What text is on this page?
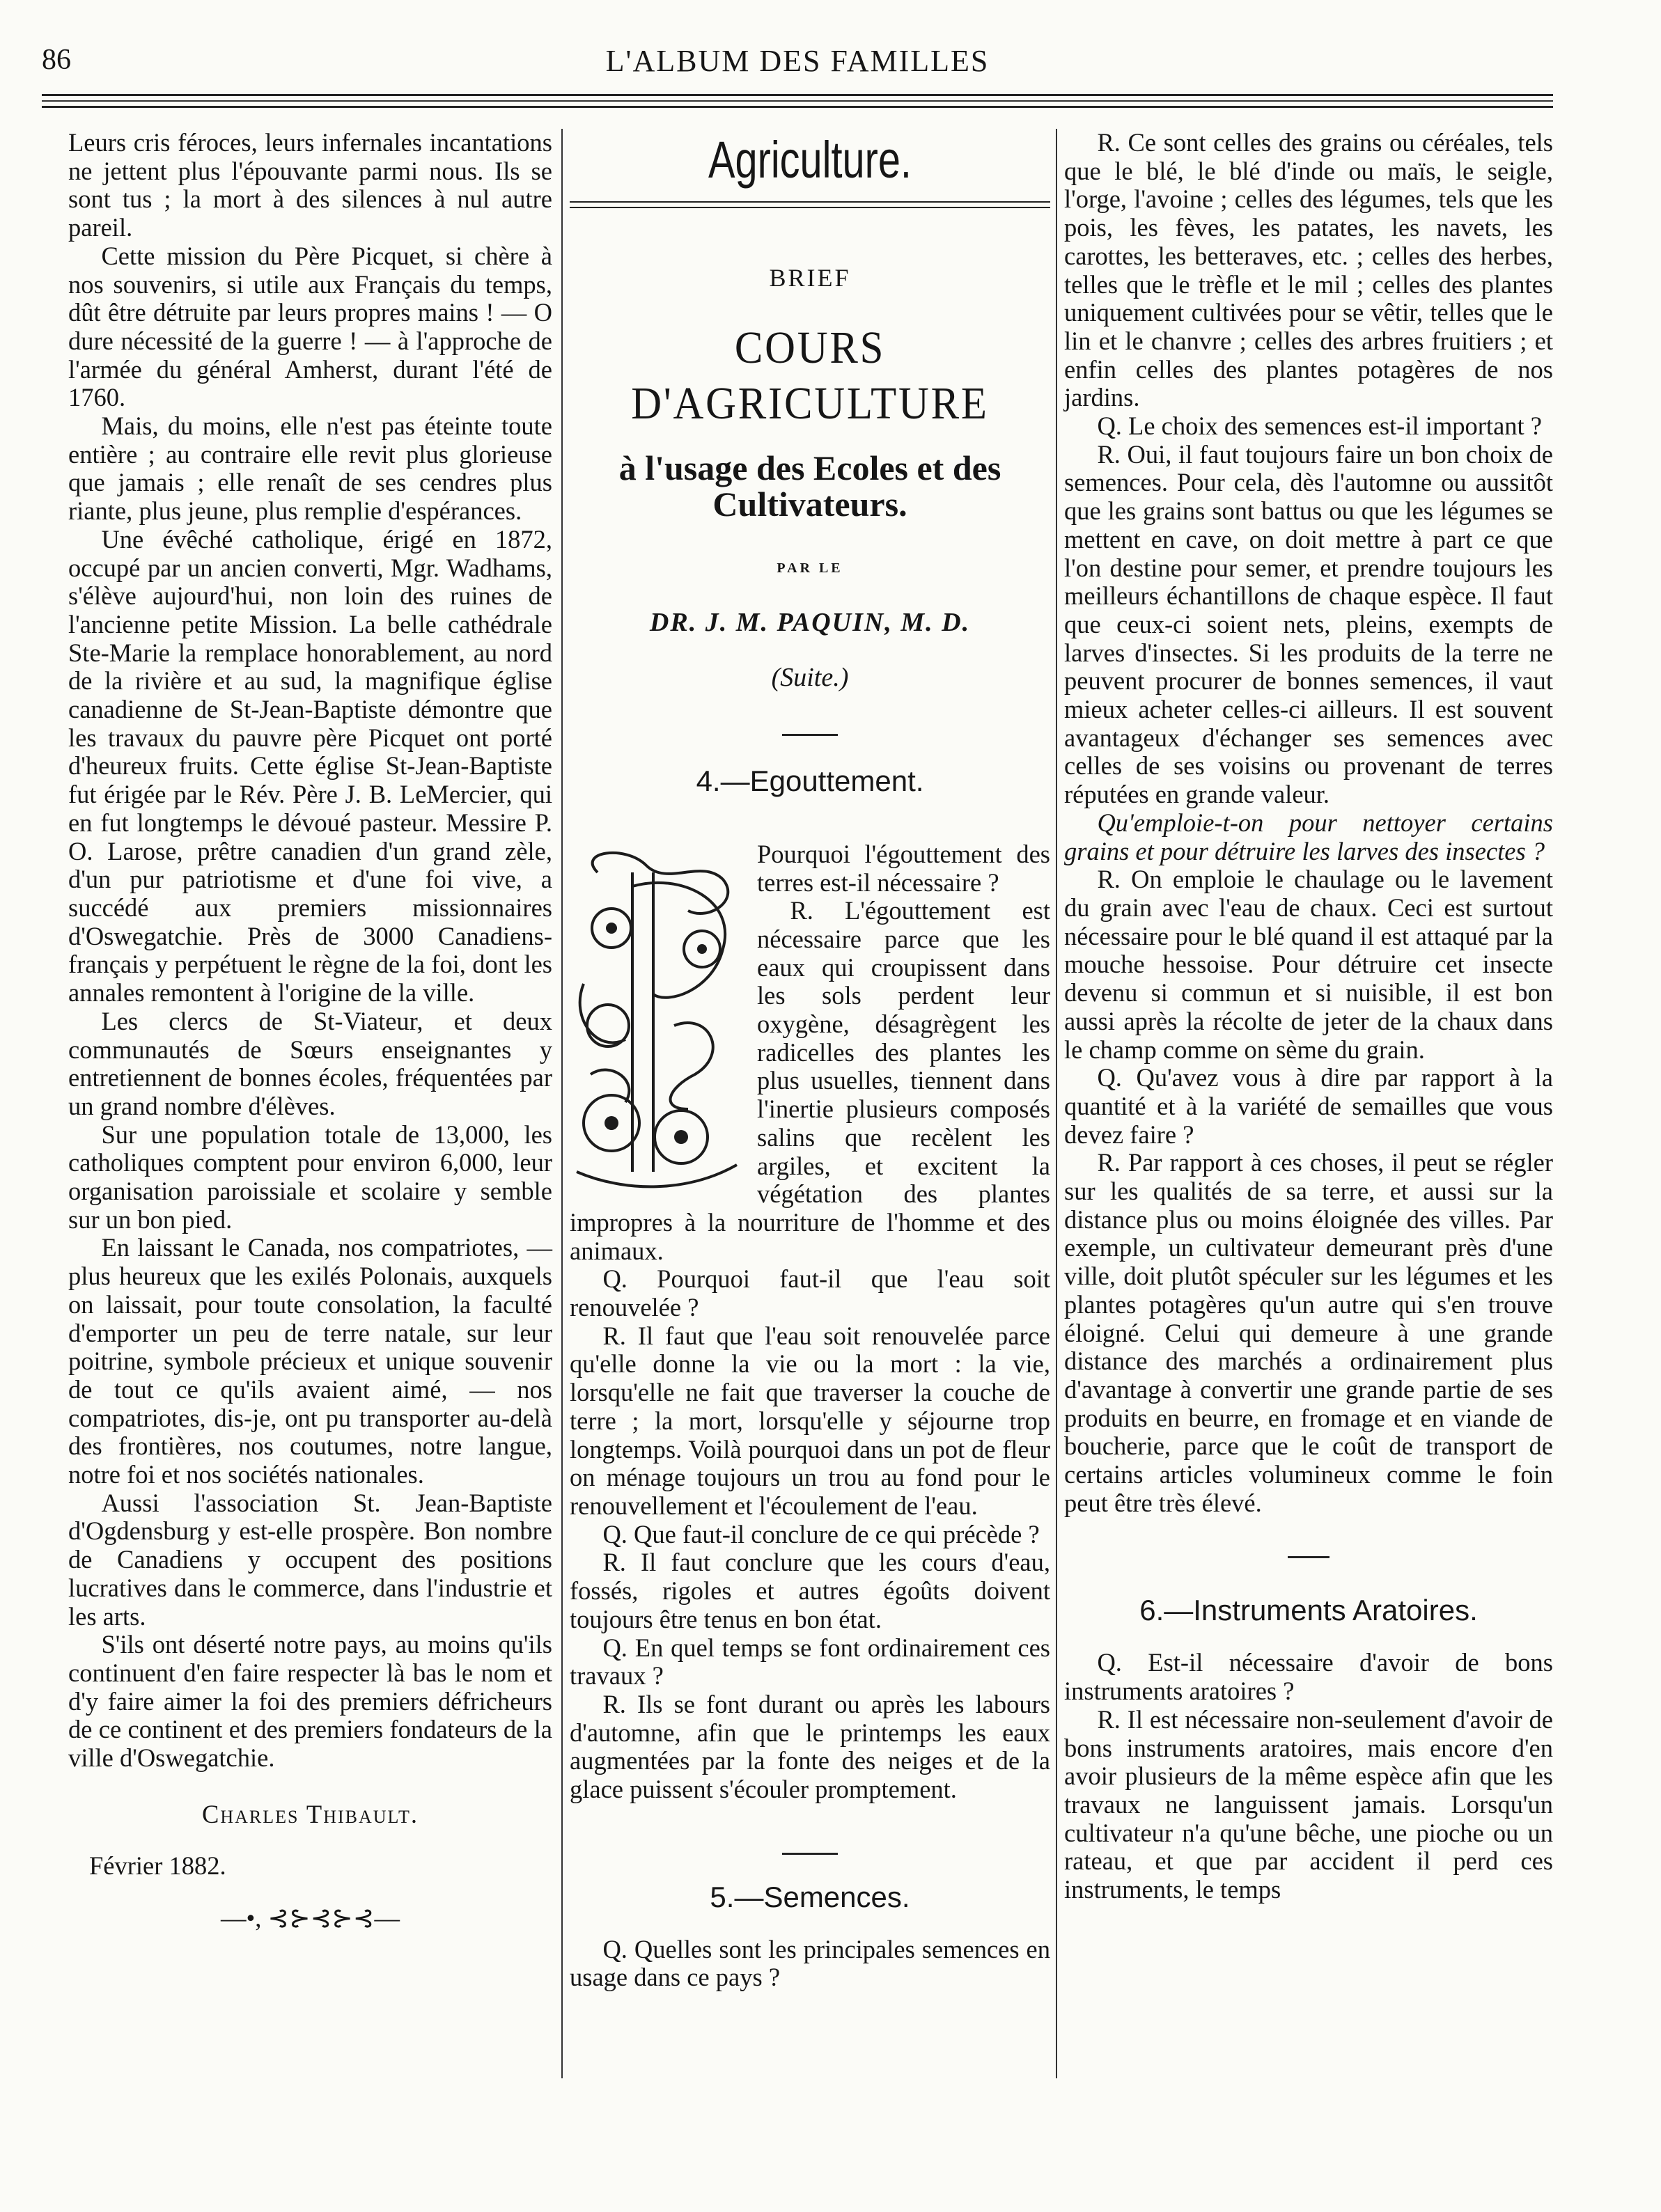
86	L'ALBUM DES FAMILLES

Leurs cris féroces, leurs infernales incantations ne jettent plus l'épouvante parmi nous. Ils se sont tus ; la mort à des silences à nul autre pareil.

Cette mission du Père Picquet, si chère à nos souvenirs, si utile aux Français du temps, dût être détruite par leurs propres mains ! — O dure nécessité de la guerre ! — à l'approche de l'armée du général Amherst, durant l'été de 1760.

Mais, du moins, elle n'est pas éteinte toute entière ; au contraire elle revit plus glorieuse que jamais ; elle renaît de ses cendres plus riante, plus jeune, plus remplie d'espérances.

Une évêché catholique, érigé en 1872, occupé par un ancien converti, Mgr. Wadhams, s'élève aujourd'hui, non loin des ruines de l'ancienne petite Mission. La belle cathédrale Ste-Marie la remplace honorablement, au nord de la rivière et au sud, la magnifique église canadienne de St-Jean-Baptiste démontre que les travaux du pauvre père Picquet ont porté d'heureux fruits. Cette église St-Jean-Baptiste fut érigée par le Rév. Père J. B. LeMercier, qui en fut longtemps le dévoué pasteur. Messire P. O. Larose, prêtre canadien d'un grand zèle, d'un pur patriotisme et d'une foi vive, a succédé aux premiers missionnaires d'Oswegatchie. Près de 3000 Canadiens-français y perpétuent le règne de la foi, dont les annales remontent à l'origine de la ville.

Les clercs de St-Viateur, et deux communautés de Sœurs enseignantes y entretiennent de bonnes écoles, fréquentées par un grand nombre d'élèves.

Sur une population totale de 13,000, les catholiques comptent pour environ 6,000, leur organisation paroissiale et scolaire y semble sur un bon pied.

En laissant le Canada, nos compatriotes, — plus heureux que les exilés Polonais, auxquels on laissait, pour toute consolation, la faculté d'emporter un peu de terre natale, sur leur poitrine, symbole précieux et unique souvenir de tout ce qu'ils avaient aimé, — nos compatriotes, dis-je, ont pu transporter au-delà des frontières, nos coutumes, notre langue, notre foi et nos sociétés nationales.

Aussi l'association St. Jean-Baptiste d'Ogdensburg y est-elle prospère. Bon nombre de Canadiens y occupent des positions lucratives dans le commerce, dans l'industrie et les arts.

S'ils ont déserté notre pays, au moins qu'ils continuent d'en faire respecter là bas le nom et d'y faire aimer la foi des premiers défricheurs de ce continent et des premiers fondateurs de la ville d'Oswegatchie.

Charles Thibault.
Février 1882.
—•, ⊰⊱⊰⊱⊰—
Agriculture.
BRIEF
COURS D'AGRICULTURE
à l'usage des Ecoles et des Cultivateurs.
PAR LE
DR. J. M. PAQUIN, M. D.
(Suite.)
4.—Egouttement.

Pourquoi l'égouttement des terres est-il nécessaire ?

R. L'égouttement est nécessaire parce que les eaux qui croupissent dans les sols perdent leur oxygène, désagrègent les radicelles des plantes les plus usuelles, tiennent dans l'inertie plusieurs composés salins que recèlent les argiles, et excitent la végétation des plantes impropres à la nourriture de l'homme et des animaux.

Q. Pourquoi faut-il que l'eau soit renouvelée ?

R. Il faut que l'eau soit renouvelée parce qu'elle donne la vie ou la mort : la vie, lorsqu'elle ne fait que traverser la couche de terre ; la mort, lorsqu'elle y séjourne trop longtemps. Voilà pourquoi dans un pot de fleur on ménage toujours un trou au fond pour le renouvellement et l'écoulement de l'eau.

Q. Que faut-il conclure de ce qui précède ?

R. Il faut conclure que les cours d'eau, fossés, rigoles et autres égoûts doivent toujours être tenus en bon état.

Q. En quel temps se font ordinairement ces travaux ?

R. Ils se font durant ou après les labours d'automne, afin que le printemps les eaux augmentées par la fonte des neiges et de la glace puissent s'écouler promptement.

5.—Semences.

Q. Quelles sont les principales semences en usage dans ce pays ?

R. Ce sont celles des grains ou céréales, tels que le blé, le blé d'inde ou maïs, le seigle, l'orge, l'avoine ; celles des légumes, tels que les pois, les fèves, les patates, les navets, les carottes, les betteraves, etc. ; celles des herbes, telles que le trèfle et le mil ; celles des plantes uniquement cultivées pour se vêtir, telles que le lin et le chanvre ; celles des arbres fruitiers ; et enfin celles des plantes potagères de nos jardins.

Q. Le choix des semences est-il important ?

R. Oui, il faut toujours faire un bon choix de semences. Pour cela, dès l'automne ou aussitôt que les grains sont battus ou que les légumes se mettent en cave, on doit mettre à part ce que l'on destine pour semer, et prendre toujours les meilleurs échantillons de chaque espèce. Il faut que ceux-ci soient nets, pleins, exempts de larves d'insectes. Si les produits de la terre ne peuvent procurer de bonnes semences, il vaut mieux acheter celles-ci ailleurs. Il est souvent avantageux d'échanger ses semences avec celles de ses voisins ou provenant de terres réputées en grande valeur.

Qu'emploie-t-on pour nettoyer certains grains et pour détruire les larves des insectes ?

R. On emploie le chaulage ou le lavement du grain avec l'eau de chaux. Ceci est surtout nécessaire pour le blé quand il est attaqué par la mouche hessoise. Pour détruire cet insecte devenu si commun et si nuisible, il est bon aussi après la récolte de jeter de la chaux dans le champ comme on sème du grain.

Q. Qu'avez vous à dire par rapport à la quantité et à la variété de semailles que vous devez faire ?

R. Par rapport à ces choses, il peut se régler sur les qualités de sa terre, et aussi sur la distance plus ou moins éloignée des villes. Par exemple, un cultivateur demeurant près d'une ville, doit plutôt spéculer sur les légumes et les plantes potagères qu'un autre qui s'en trouve éloigné. Celui qui demeure à une grande distance des marchés a ordinairement plus d'avantage à convertir une grande partie de ses produits en beurre, en fromage et en viande de boucherie, parce que le coût de transport de certains articles volumineux comme le foin peut être très élevé.

6.—Instruments Aratoires.

Q. Est-il nécessaire d'avoir de bons instruments aratoires ?

R. Il est nécessaire non-seulement d'avoir de bons instruments aratoires, mais encore d'en avoir plusieurs de la même espèce afin que les travaux ne languissent jamais. Lorsqu'un cultivateur n'a qu'une bêche, une pioche ou un rateau, et que par accident il perd ces instruments, le temps
